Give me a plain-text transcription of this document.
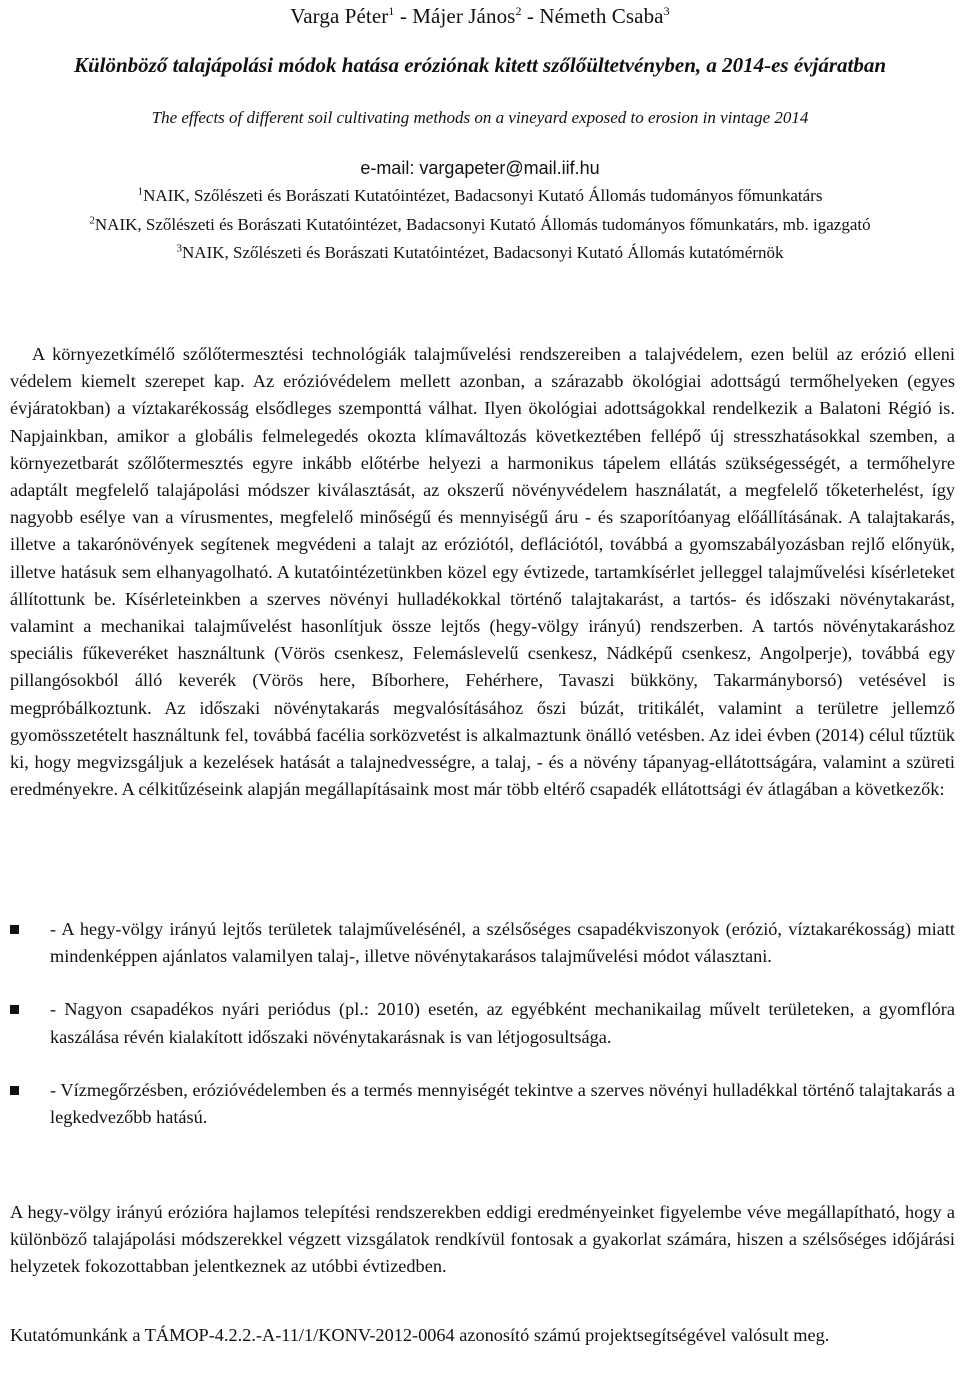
Varga Péter$^1$ - Májer János$^2$ - Németh Csaba$^3$
Különböző talajápolási módok hatása eróziónak kitett szőlőültetvényben, a 2014-es évjáratban
The effects of different soil cultivating methods on a vineyard exposed to erosion in vintage 2014
e-mail: vargapeter@mail.iif.hu
$^1$NAIK, Szőlészeti és Borászati Kutatóintézet, Badacsonyi Kutató Állomás tudományos főmunkatárs
$^2$NAIK, Szőlészeti és Borászati Kutatóintézet, Badacsonyi Kutató Állomás tudományos főmunkatárs, mb. igazgató
$^3$NAIK, Szőlészeti és Borászati Kutatóintézet, Badacsonyi Kutató Állomás kutatómérnök
A környezetkímélő szőlőtermesztési technológiák talajművelési rendszereiben a talajvédelem, ezen belül az erózió elleni védelem kiemelt szerepet kap. Az erózióvédelem mellett azonban, a szárazabb ökológiai adottságú termőhelyeken (egyes évjáratokban) a víztakarékosság elsődleges szemponttá válhat. Ilyen ökológiai adottságokkal rendelkezik a Balatoni Régió is. Napjainkban, amikor a globális felmelegedés okozta klímaváltozás következtében fellépő új stresszhatásokkal szemben, a környezetbarát szőlőtermesztés egyre inkább előtérbe helyezi a harmonikus tápelem ellátás szükségességét, a termőhelyre adaptált megfelelő talajápolási módszer kiválasztását, az okszerű növényvédelem használatát, a megfelelő tőketerhelést, így nagyobb esélye van a vírusmentes, megfelelő minőségű és mennyiségű áru - és szaporítóanyag előállításának. A talajtakarás, illetve a takarónövények segítenek megvédeni a talajt az eróziótól, deflációtól, továbbá a gyomszabályozásban rejlő előnyük, illetve hatásuk sem elhanyagolható. A kutatóintézetünkben közel egy évtizede, tartamkísérlet jelleggel talajművelési kísérleteket állítottunk be. Kísérleteinkben a szerves növényi hulladékokkal történő talajtakarást, a tartós- és időszaki növénytakarást, valamint a mechanikai talajművelést hasonlítjuk össze lejtős (hegy-völgy irányú) rendszerben. A tartós növénytakaráshoz speciális fűkeveréket használtunk (Vörös csenkesz, Felemáslevelű csenkesz, Nádképű csenkesz, Angolperje), továbbá egy pillangósokból álló keverék (Vörös here, Bíborhere, Fehérhere, Tavaszi bükköny, Takarmányborsó) vetésével is megpróbálkoztunk. Az időszaki növénytakarás megvalósításához őszi búzát, tritikálét, valamint a területre jellemző gyomösszetételt használtunk fel, továbbá facélia sorközvetést is alkalmaztunk önálló vetésben. Az idei évben (2014) célul tűztük ki, hogy megvizsgáljuk a kezelések hatását a talajnedvességre, a talaj, - és a növény tápanyag-ellátottságára, valamint a szüreti eredményekre. A célkitűzéseink alapján megállapításaink most már több eltérő csapadék ellátottsági év átlagában a következők:
- A hegy-völgy irányú lejtős területek talajművelésénél, a szélsőséges csapadékviszonyok (erózió, víztakarékosság) miatt mindenképpen ajánlatos valamilyen talaj-, illetve növénytakarásos talajművelési módot választani.
- Nagyon csapadékos nyári periódus (pl.: 2010) esetén, az egyébként mechanikailag művelt területeken, a gyomflóra kaszálása révén kialakított időszaki növénytakarásnak is van létjogosultsága.
- Vízmegőrzésben, erózióvédelemben és a termés mennyiségét tekintve a szerves növényi hulladékkal történő talajtakarás a legkedvezőbb hatású.
A hegy-völgy irányú erózióra hajlamos telepítési rendszerekben eddigi eredményeinket figyelembe véve megállapítható, hogy a különböző talajápolási módszerekkel végzett vizsgálatok rendkívül fontosak a gyakorlat számára, hiszen a szélsőséges időjárási helyzetek fokozottabban jelentkeznek az utóbbi évtizedben.
Kutatómunkánk a TÁMOP-4.2.2.-A-11/1/KONV-2012-0064 azonosító számú projektsegítségével valósult meg.
